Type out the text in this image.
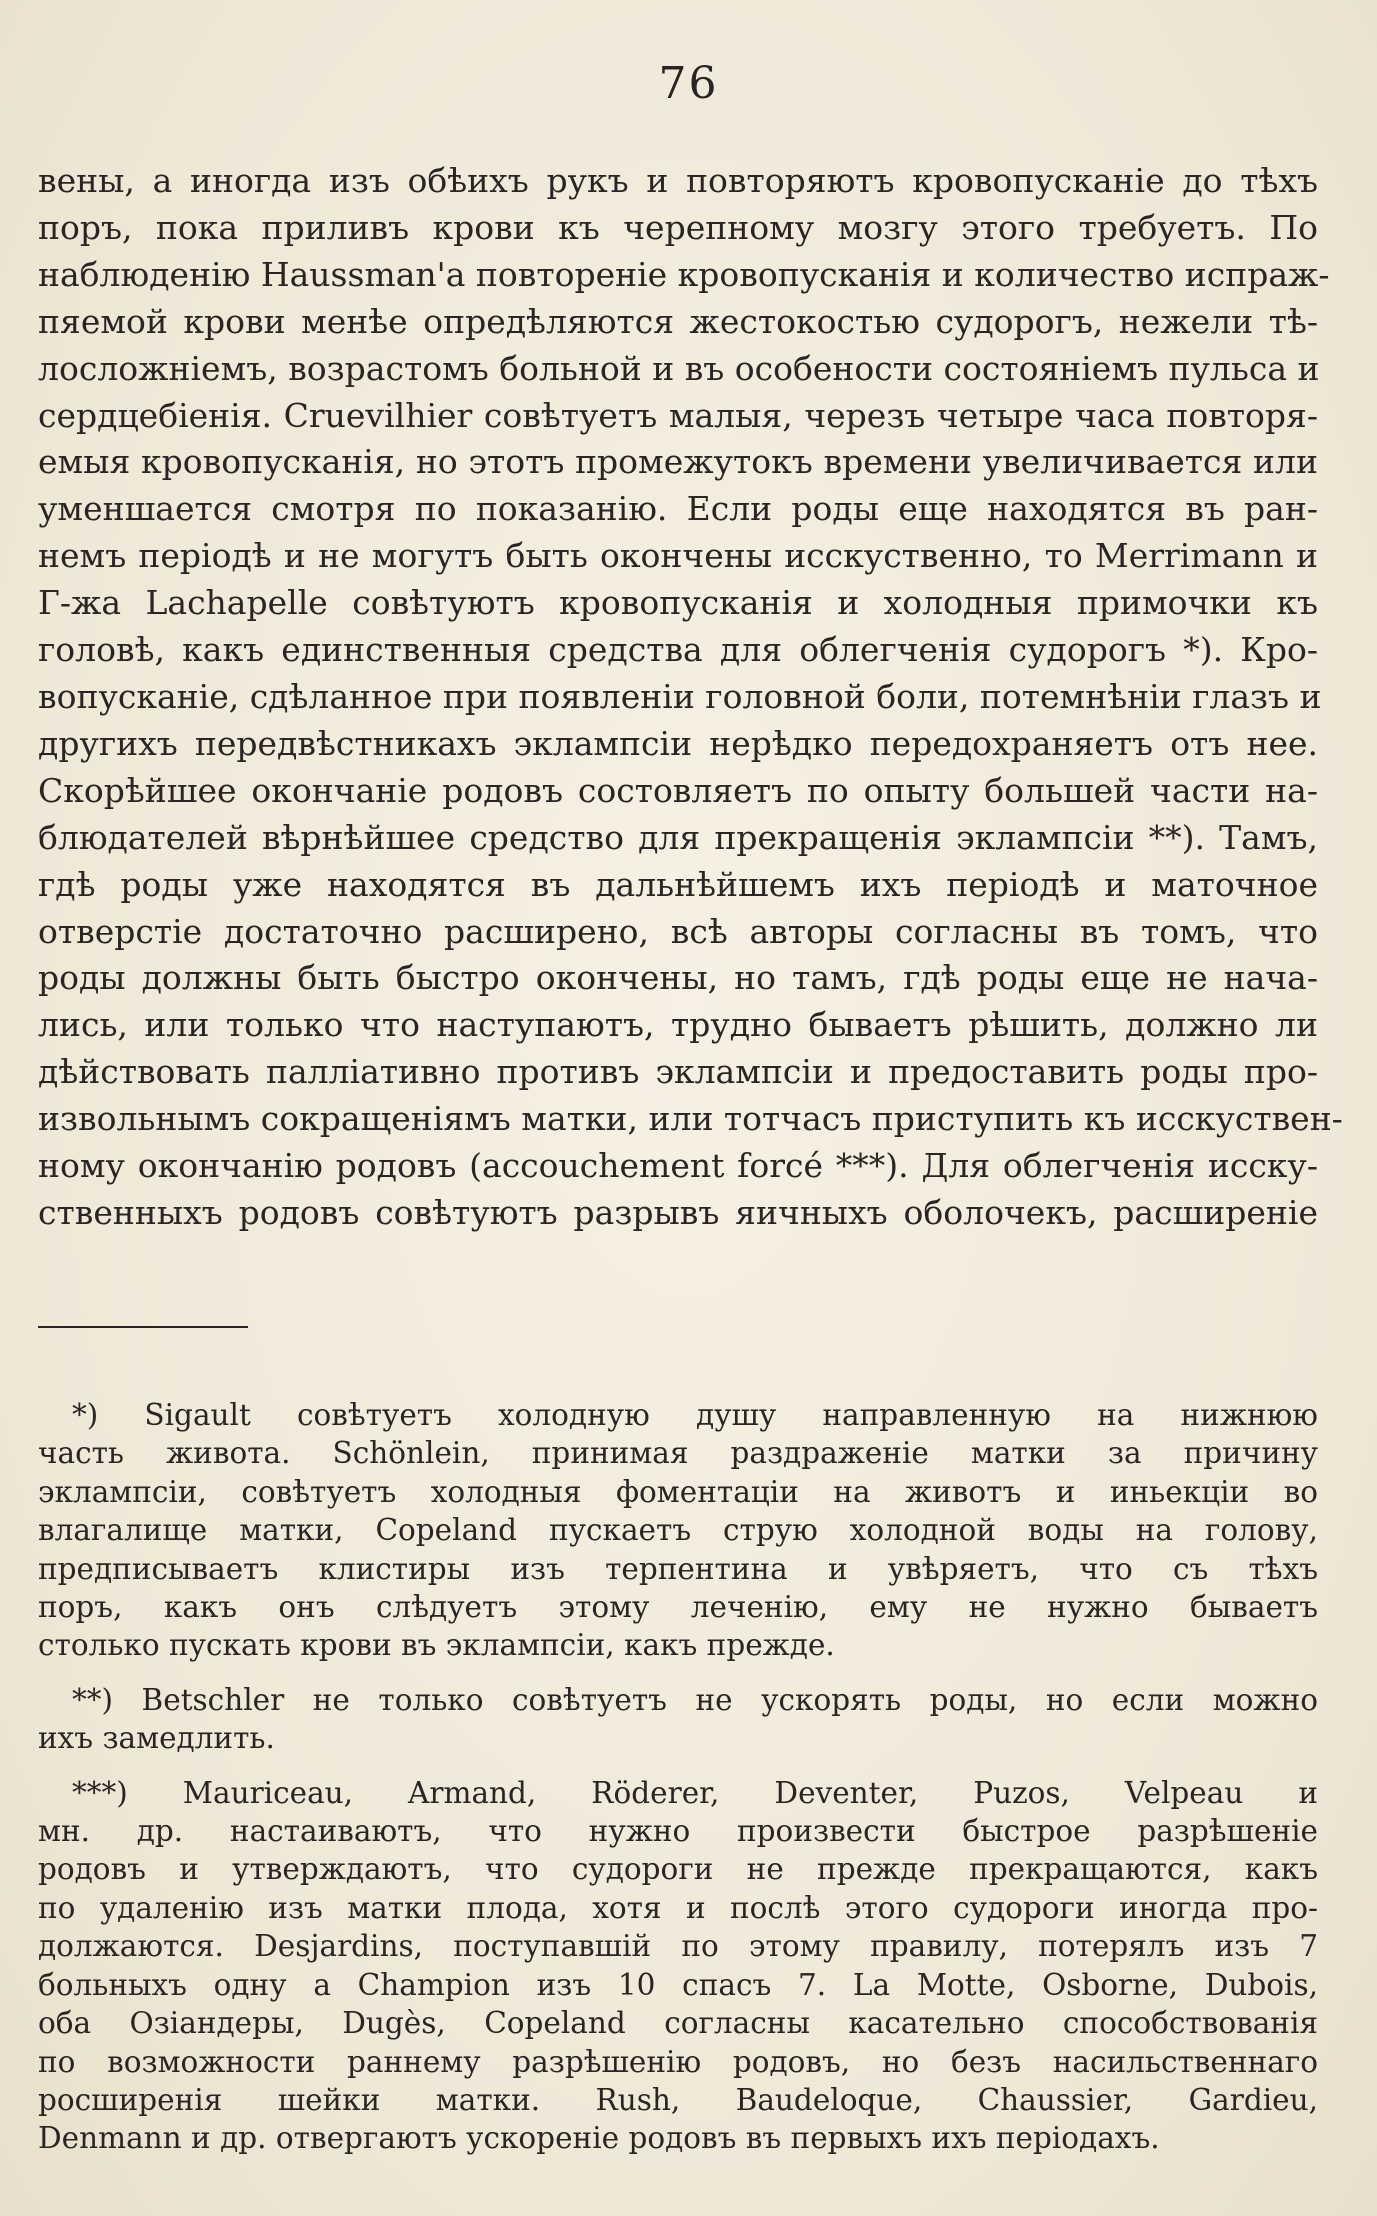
76
вены, а иногда изъ обѣихъ рукъ и повторяютъ кровопусканіе до тѣхъ
поръ, пока приливъ крови къ черепному мозгу этого требуетъ. По
наблюденію Haussman'a повтореніе кровопусканія и количество испраж-
пяемой крови менѣе опредѣляются жестокостью судорогъ, нежели тѣ-
лосложніемъ, возрастомъ больной и въ особености состояніемъ пульса и
сердцебіенія. Cruevilhier совѣтуетъ малыя, черезъ четыре часа повторя-
емыя кровопусканія, но этотъ промежутокъ времени увеличивается или
уменшается смотря по показанію. Если роды еще находятся въ ран-
немъ періодѣ и не могутъ быть окончены исскуственно, то Merrimann и
Г-жа Lachapelle совѣтуютъ кровопусканія и холодныя примочки къ
головѣ, какъ единственныя средства для облегченія судорогъ *). Кро-
вопусканіе, сдѣланное при появленіи головной боли, потемнѣніи глазъ и
другихъ передвѣстникахъ эклампсіи нерѣдко передохраняетъ отъ нее.
Скорѣйшее окончаніе родовъ состовляетъ по опыту большей части на-
блюдателей вѣрнѣйшее средство для прекращенія эклампсіи **). Тамъ,
гдѣ роды уже находятся въ дальнѣйшемъ ихъ періодѣ и маточное
отверстіе достаточно расширено, всѣ авторы согласны въ томъ, что
роды должны быть быстро окончены, но тамъ, гдѣ роды еще не нача-
лись, или только что наступаютъ, трудно бываетъ рѣшить, должно ли
дѣйствовать палліативно противъ эклампсіи и предоставить роды про-
извольнымъ сокращеніямъ матки, или тотчасъ приступить къ исскуствен-
ному окончанію родовъ (accouchement forcé ***). Для облегченія исску-
ственныхъ родовъ совѣтуютъ разрывъ яичныхъ оболочекъ, расширеніе
*) Sigault совѣтуетъ холодную душу направленную на нижнюю
часть живота. Schönlein, принимая раздраженіе матки за причину
эклампсіи, совѣтуетъ холодныя фоментаціи на животъ и иньекціи во
влагалище матки, Copeland пускаетъ струю холодной воды на голову,
предписываетъ клистиры изъ терпентина и увѣряетъ, что съ тѣхъ
поръ, какъ онъ слѣдуетъ этому леченію, ему не нужно бываетъ
столько пускать крови въ эклампсіи, какъ прежде.
**) Betschler не только совѣтуетъ не ускорять роды, но если можно
ихъ замедлить.
***) Mauriceau, Armand, Röderer, Deventer, Puzos, Velpeau и
мн. др. настаиваютъ, что нужно произвести быстрое разрѣшеніе
родовъ и утверждаютъ, что судороги не прежде прекращаются, какъ
по удаленію изъ матки плода, хотя и послѣ этого судороги иногда про-
должаются. Desjardins, поступавшій по этому правилу, потерялъ изъ 7
больныхъ одну а Champion изъ 10 спасъ 7. La Motte, Osborne, Dubois,
оба Озіандеры, Dugès, Copeland согласны касательно способствованія
по возможности раннему разрѣшенію родовъ, но безъ насильственнаго
росширенія шейки матки. Rush, Baudeloque, Chaussier, Gardieu,
Denmann и др. отвергаютъ ускореніе родовъ въ первыхъ ихъ періодахъ.
